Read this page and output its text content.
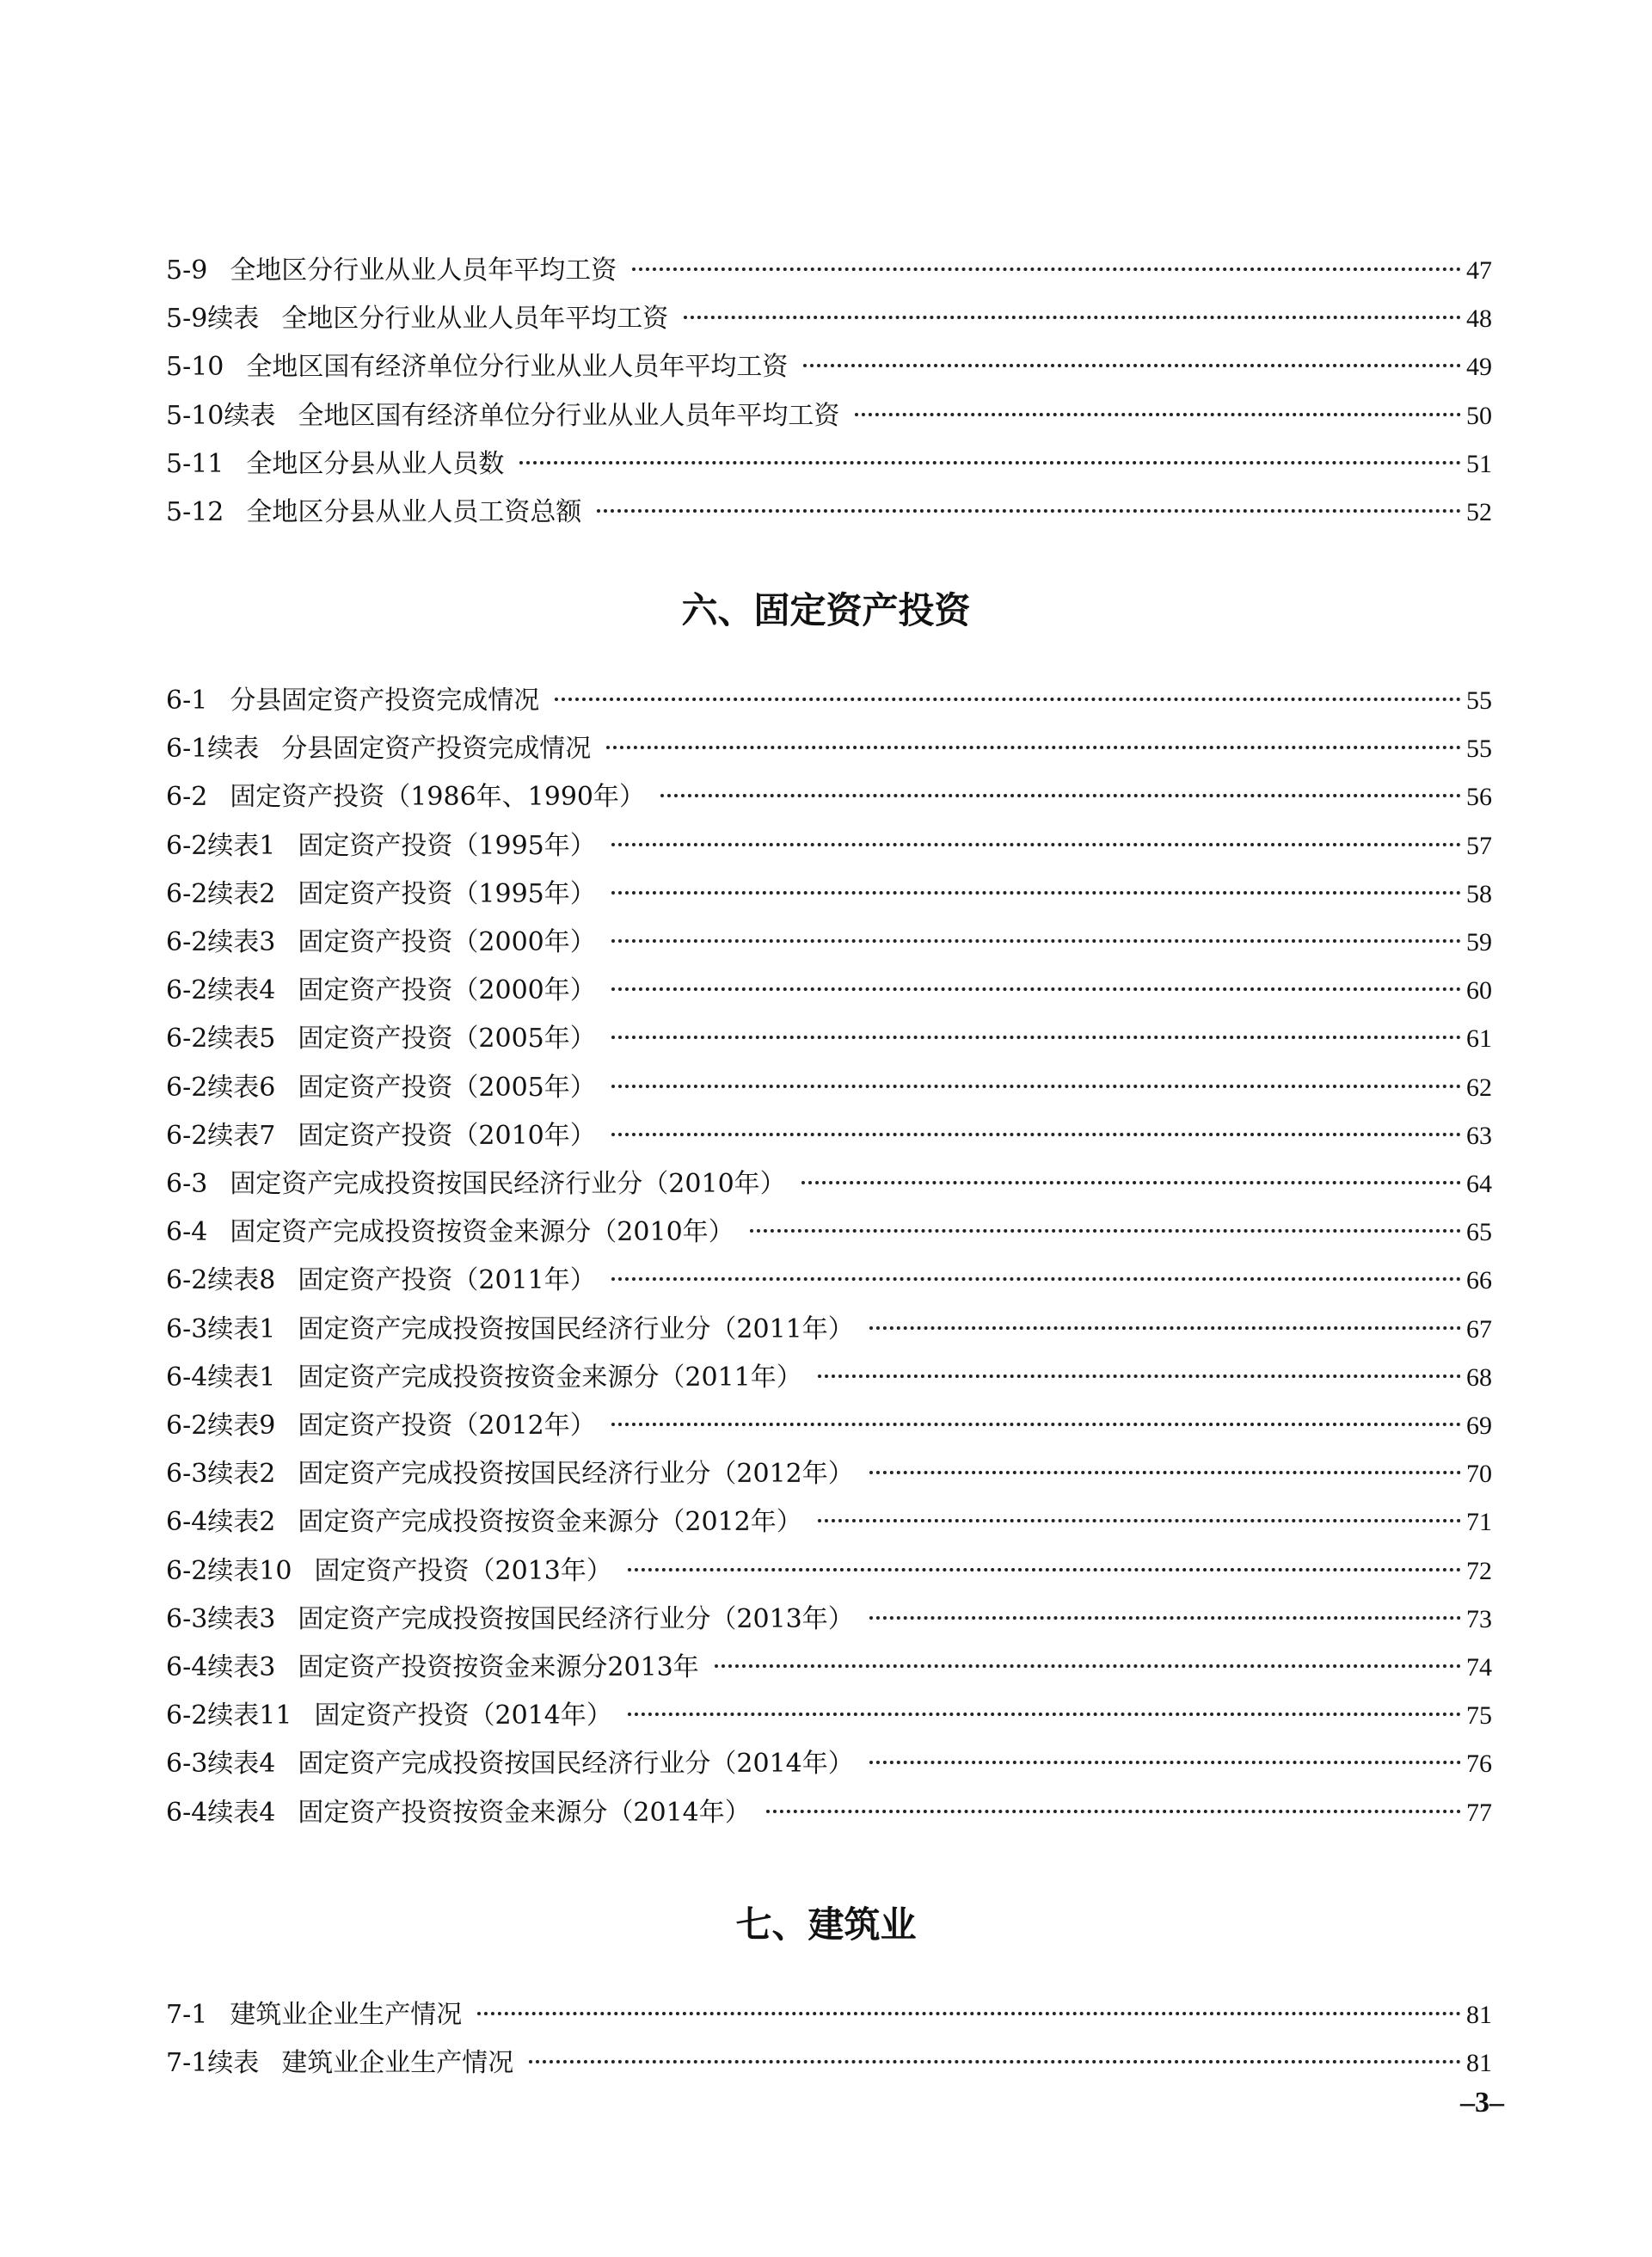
5-9 全地区分行业从业人员年平均工资	47
5-9续表 全地区分行业从业人员年平均工资	48
5-10 全地区国有经济单位分行业从业人员年平均工资	49
5-10续表 全地区国有经济单位分行业从业人员年平均工资	50
5-11 全地区分县从业人员数	51
5-12 全地区分县从业人员工资总额	52
六、固定资产投资
6-1 分县固定资产投资完成情况	55
6-1续表 分县固定资产投资完成情况	55
6-2 固定资产投资（1986年、1990年）	56
6-2续表1 固定资产投资（1995年）	57
6-2续表2 固定资产投资（1995年）	58
6-2续表3 固定资产投资（2000年）	59
6-2续表4 固定资产投资（2000年）	60
6-2续表5 固定资产投资（2005年）	61
6-2续表6 固定资产投资（2005年）	62
6-2续表7 固定资产投资（2010年）	63
6-3 固定资产完成投资按国民经济行业分（2010年）	64
6-4 固定资产完成投资按资金来源分（2010年）	65
6-2续表8 固定资产投资（2011年）	66
6-3续表1 固定资产完成投资按国民经济行业分（2011年）	67
6-4续表1 固定资产完成投资按资金来源分（2011年）	68
6-2续表9 固定资产投资（2012年）	69
6-3续表2 固定资产完成投资按国民经济行业分（2012年）	70
6-4续表2 固定资产完成投资按资金来源分（2012年）	71
6-2续表10 固定资产投资（2013年）	72
6-3续表3 固定资产完成投资按国民经济行业分（2013年）	73
6-4续表3 固定资产投资按资金来源分2013年	74
6-2续表11 固定资产投资（2014年）	75
6-3续表4 固定资产完成投资按国民经济行业分（2014年）	76
6-4续表4 固定资产投资按资金来源分（2014年）	77
七、建筑业
7-1 建筑业企业生产情况	81
7-1续表 建筑业企业生产情况	81
–3–
